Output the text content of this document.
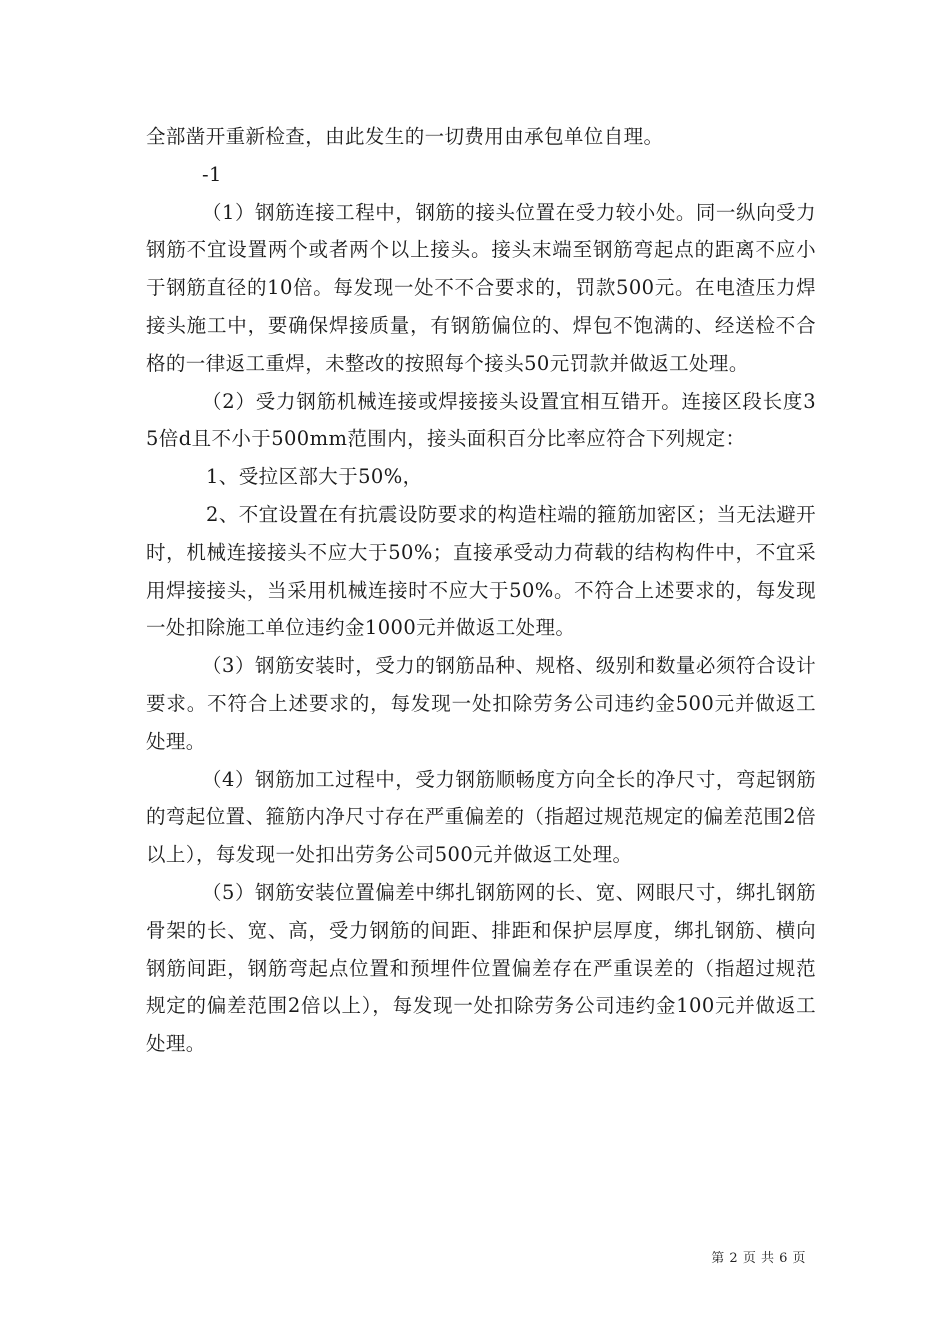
全部凿开重新检查，由此发生的一切费用由承包单位自理。

-1

（1）钢筋连接工程中，钢筋的接头位置在受力较小处。同一纵向受力钢筋不宜设置两个或者两个以上接头。接头末端至钢筋弯起点的距离不应小于钢筋直径的10倍。每发现一处不不合要求的，罚款500元。在电渣压力焊接头施工中，要确保焊接质量，有钢筋偏位的、焊包不饱满的、经送检不合格的一律返工重焊，未整改的按照每个接头50元罚款并做返工处理。

（2）受力钢筋机械连接或焊接接头设置宜相互错开。连接区段长度35倍d且不小于500mm范围内，接头面积百分比率应符合下列规定：

1、受拉区部大于50%，

2、不宜设置在有抗震设防要求的构造柱端的箍筋加密区；当无法避开时，机械连接接头不应大于50%；直接承受动力荷载的结构构件中，不宜采用焊接接头，当采用机械连接时不应大于50%。不符合上述要求的，每发现一处扣除施工单位违约金1000元并做返工处理。

（3）钢筋安装时，受力的钢筋品种、规格、级别和数量必须符合设计要求。不符合上述要求的，每发现一处扣除劳务公司违约金500元并做返工处理。

（4）钢筋加工过程中，受力钢筋顺畅度方向全长的净尺寸，弯起钢筋的弯起位置、箍筋内净尺寸存在严重偏差的（指超过规范规定的偏差范围2倍以上），每发现一处扣出劳务公司500元并做返工处理。

（5）钢筋安装位置偏差中绑扎钢筋网的长、宽、网眼尺寸，绑扎钢筋骨架的长、宽、高，受力钢筋的间距、排距和保护层厚度，绑扎钢筋、横向钢筋间距，钢筋弯起点位置和预埋件位置偏差存在严重误差的（指超过规范规定的偏差范围2倍以上），每发现一处扣除劳务公司违约金100元并做返工处理。

第 2 页 共 6 页
